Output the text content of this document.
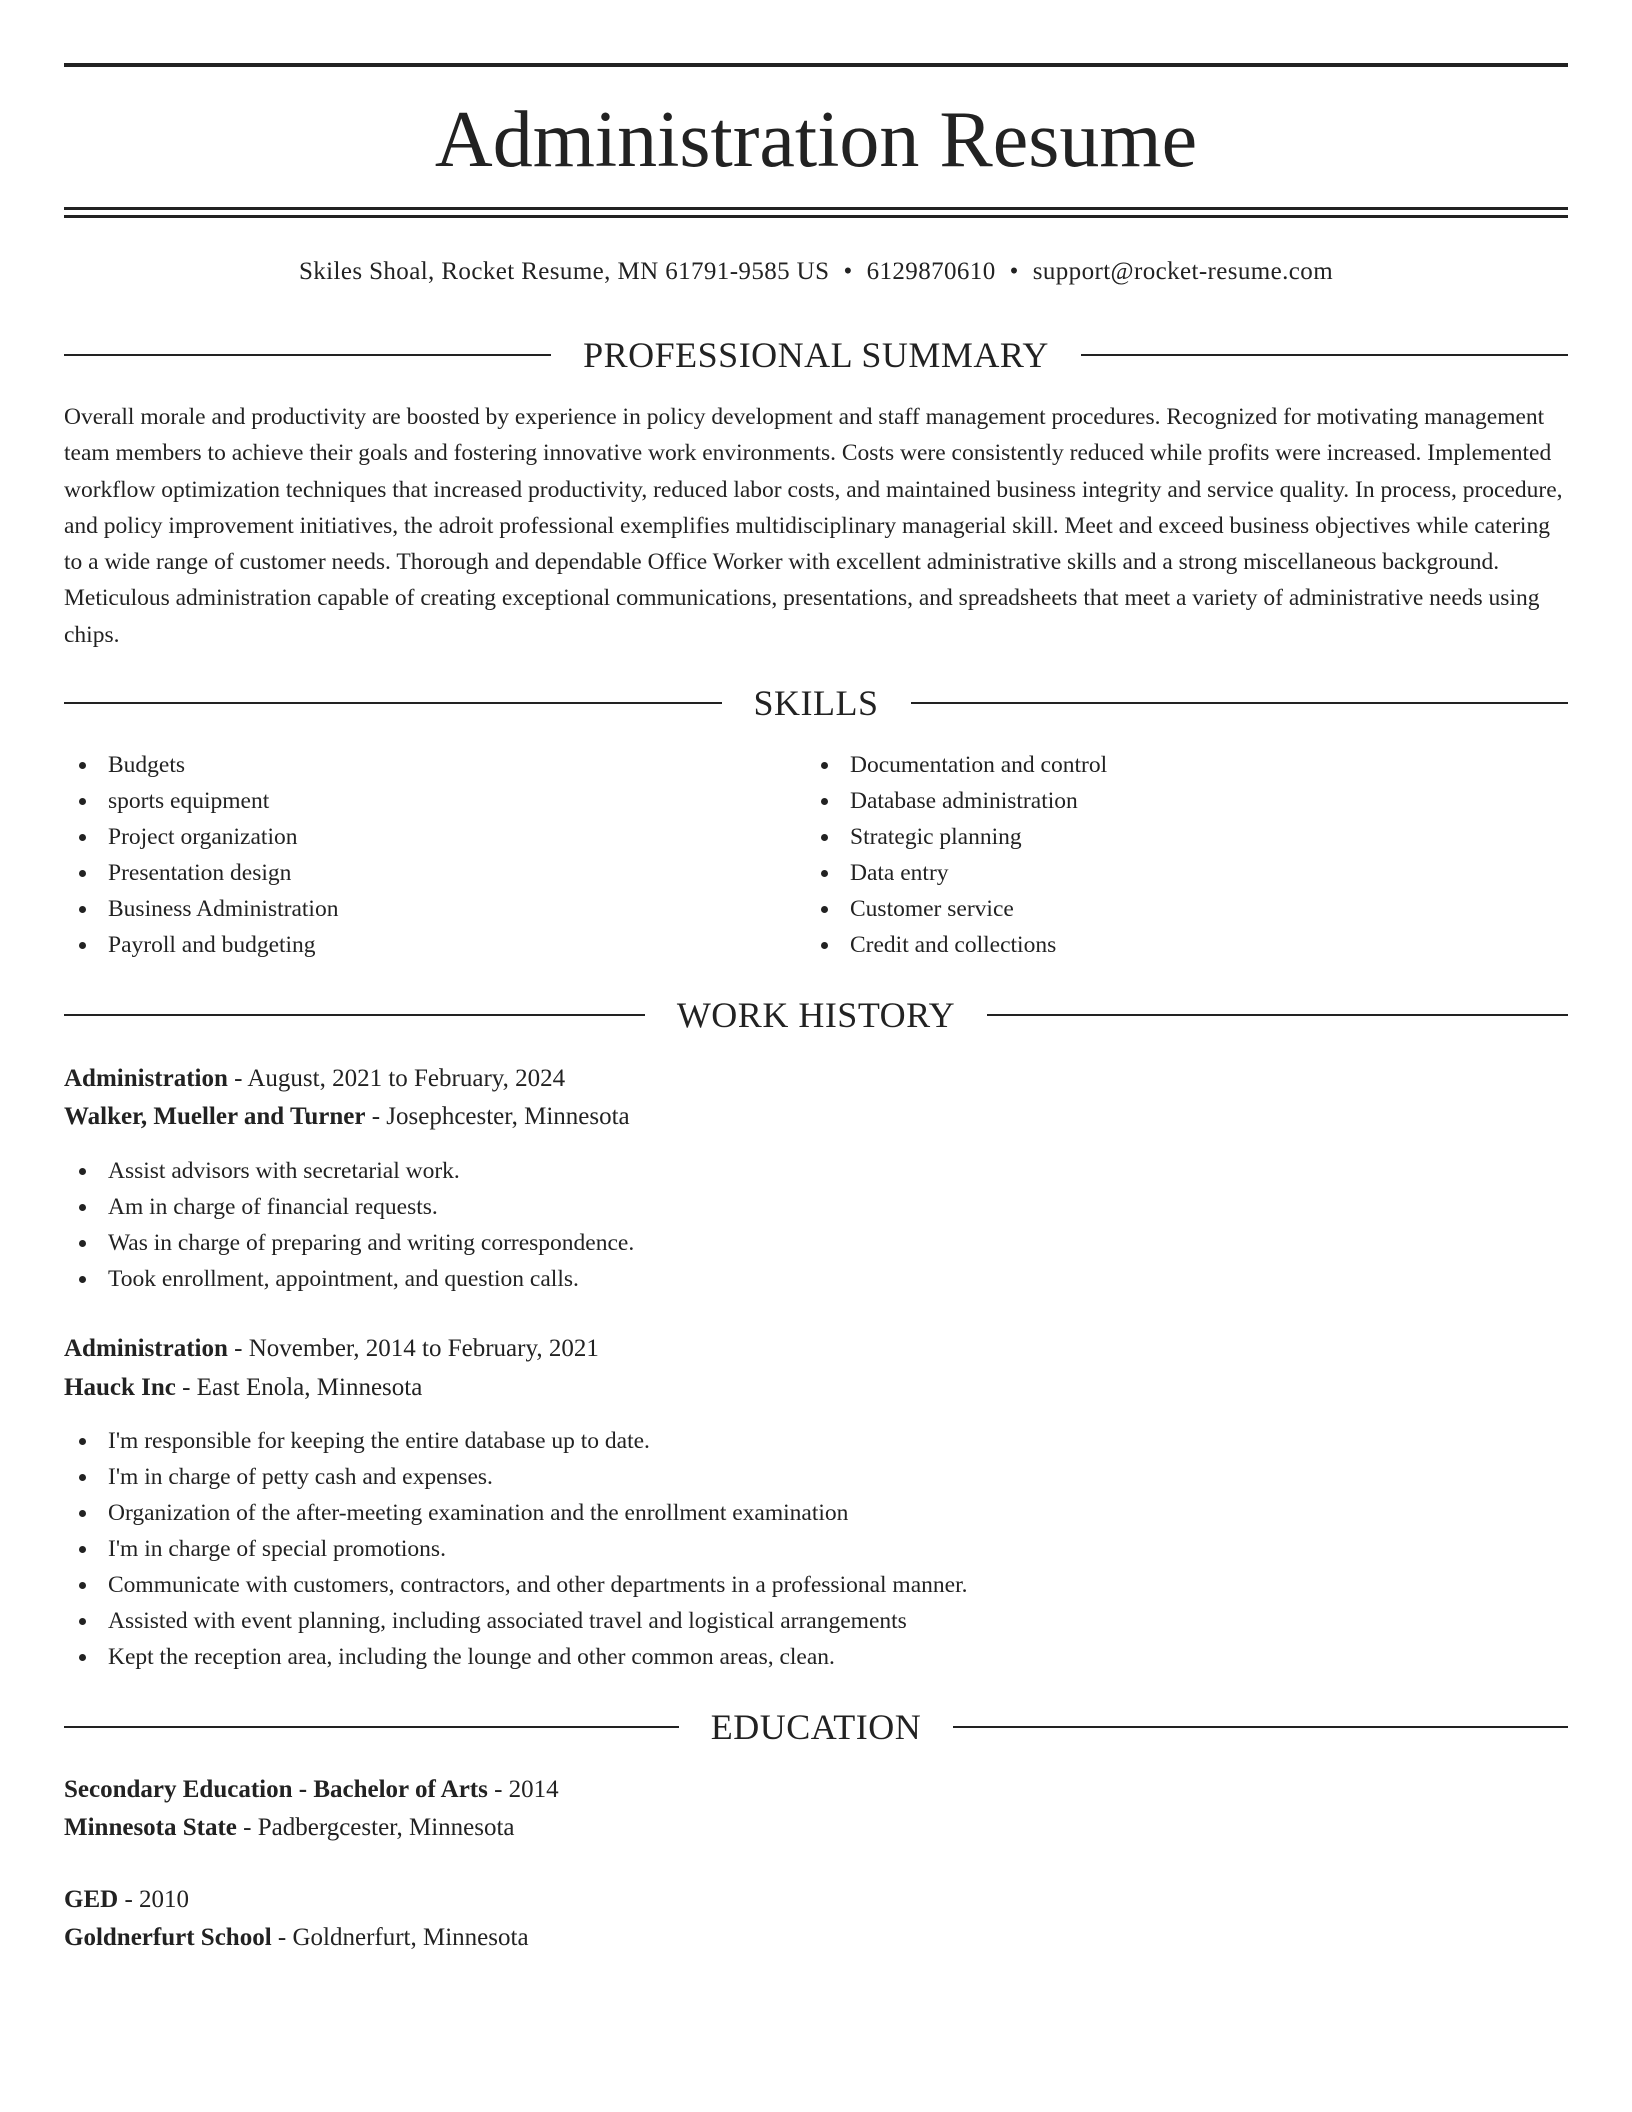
Administration Resume
Skiles Shoal, Rocket Resume, MN 61791-9585 US • 6129870610 • support@rocket-resume.com
PROFESSIONAL SUMMARY

Overall morale and productivity are boosted by experience in policy development and staff management procedures. Recognized for motivating management team members to achieve their goals and fostering innovative work environments. Costs were consistently reduced while profits were increased. Implemented workflow optimization techniques that increased productivity, reduced labor costs, and maintained business integrity and service quality. In process, procedure, and policy improvement initiatives, the adroit professional exemplifies multidisciplinary managerial skill. Meet and exceed business objectives while catering to a wide range of customer needs. Thorough and dependable Office Worker with excellent administrative skills and a strong miscellaneous background. Meticulous administration capable of creating exceptional communications, presentations, and spreadsheets that meet a variety of administrative needs using chips.

SKILLS
Budgets
sports equipment
Project organization
Presentation design
Business Administration
Payroll and budgeting
Documentation and control
Database administration
Strategic planning
Data entry
Customer service
Credit and collections
WORK HISTORY
Administration - August, 2021 to February, 2024
Walker, Mueller and Turner - Josephcester, Minnesota
Assist advisors with secretarial work.
Am in charge of financial requests.
Was in charge of preparing and writing correspondence.
Took enrollment, appointment, and question calls.
Administration - November, 2014 to February, 2021
Hauck Inc - East Enola, Minnesota
I'm responsible for keeping the entire database up to date.
I'm in charge of petty cash and expenses.
Organization of the after-meeting examination and the enrollment examination
I'm in charge of special promotions.
Communicate with customers, contractors, and other departments in a professional manner.
Assisted with event planning, including associated travel and logistical arrangements
Kept the reception area, including the lounge and other common areas, clean.
EDUCATION
Secondary Education - Bachelor of Arts - 2014
Minnesota State - Padbergcester, Minnesota
GED - 2010
Goldnerfurt School - Goldnerfurt, Minnesota
